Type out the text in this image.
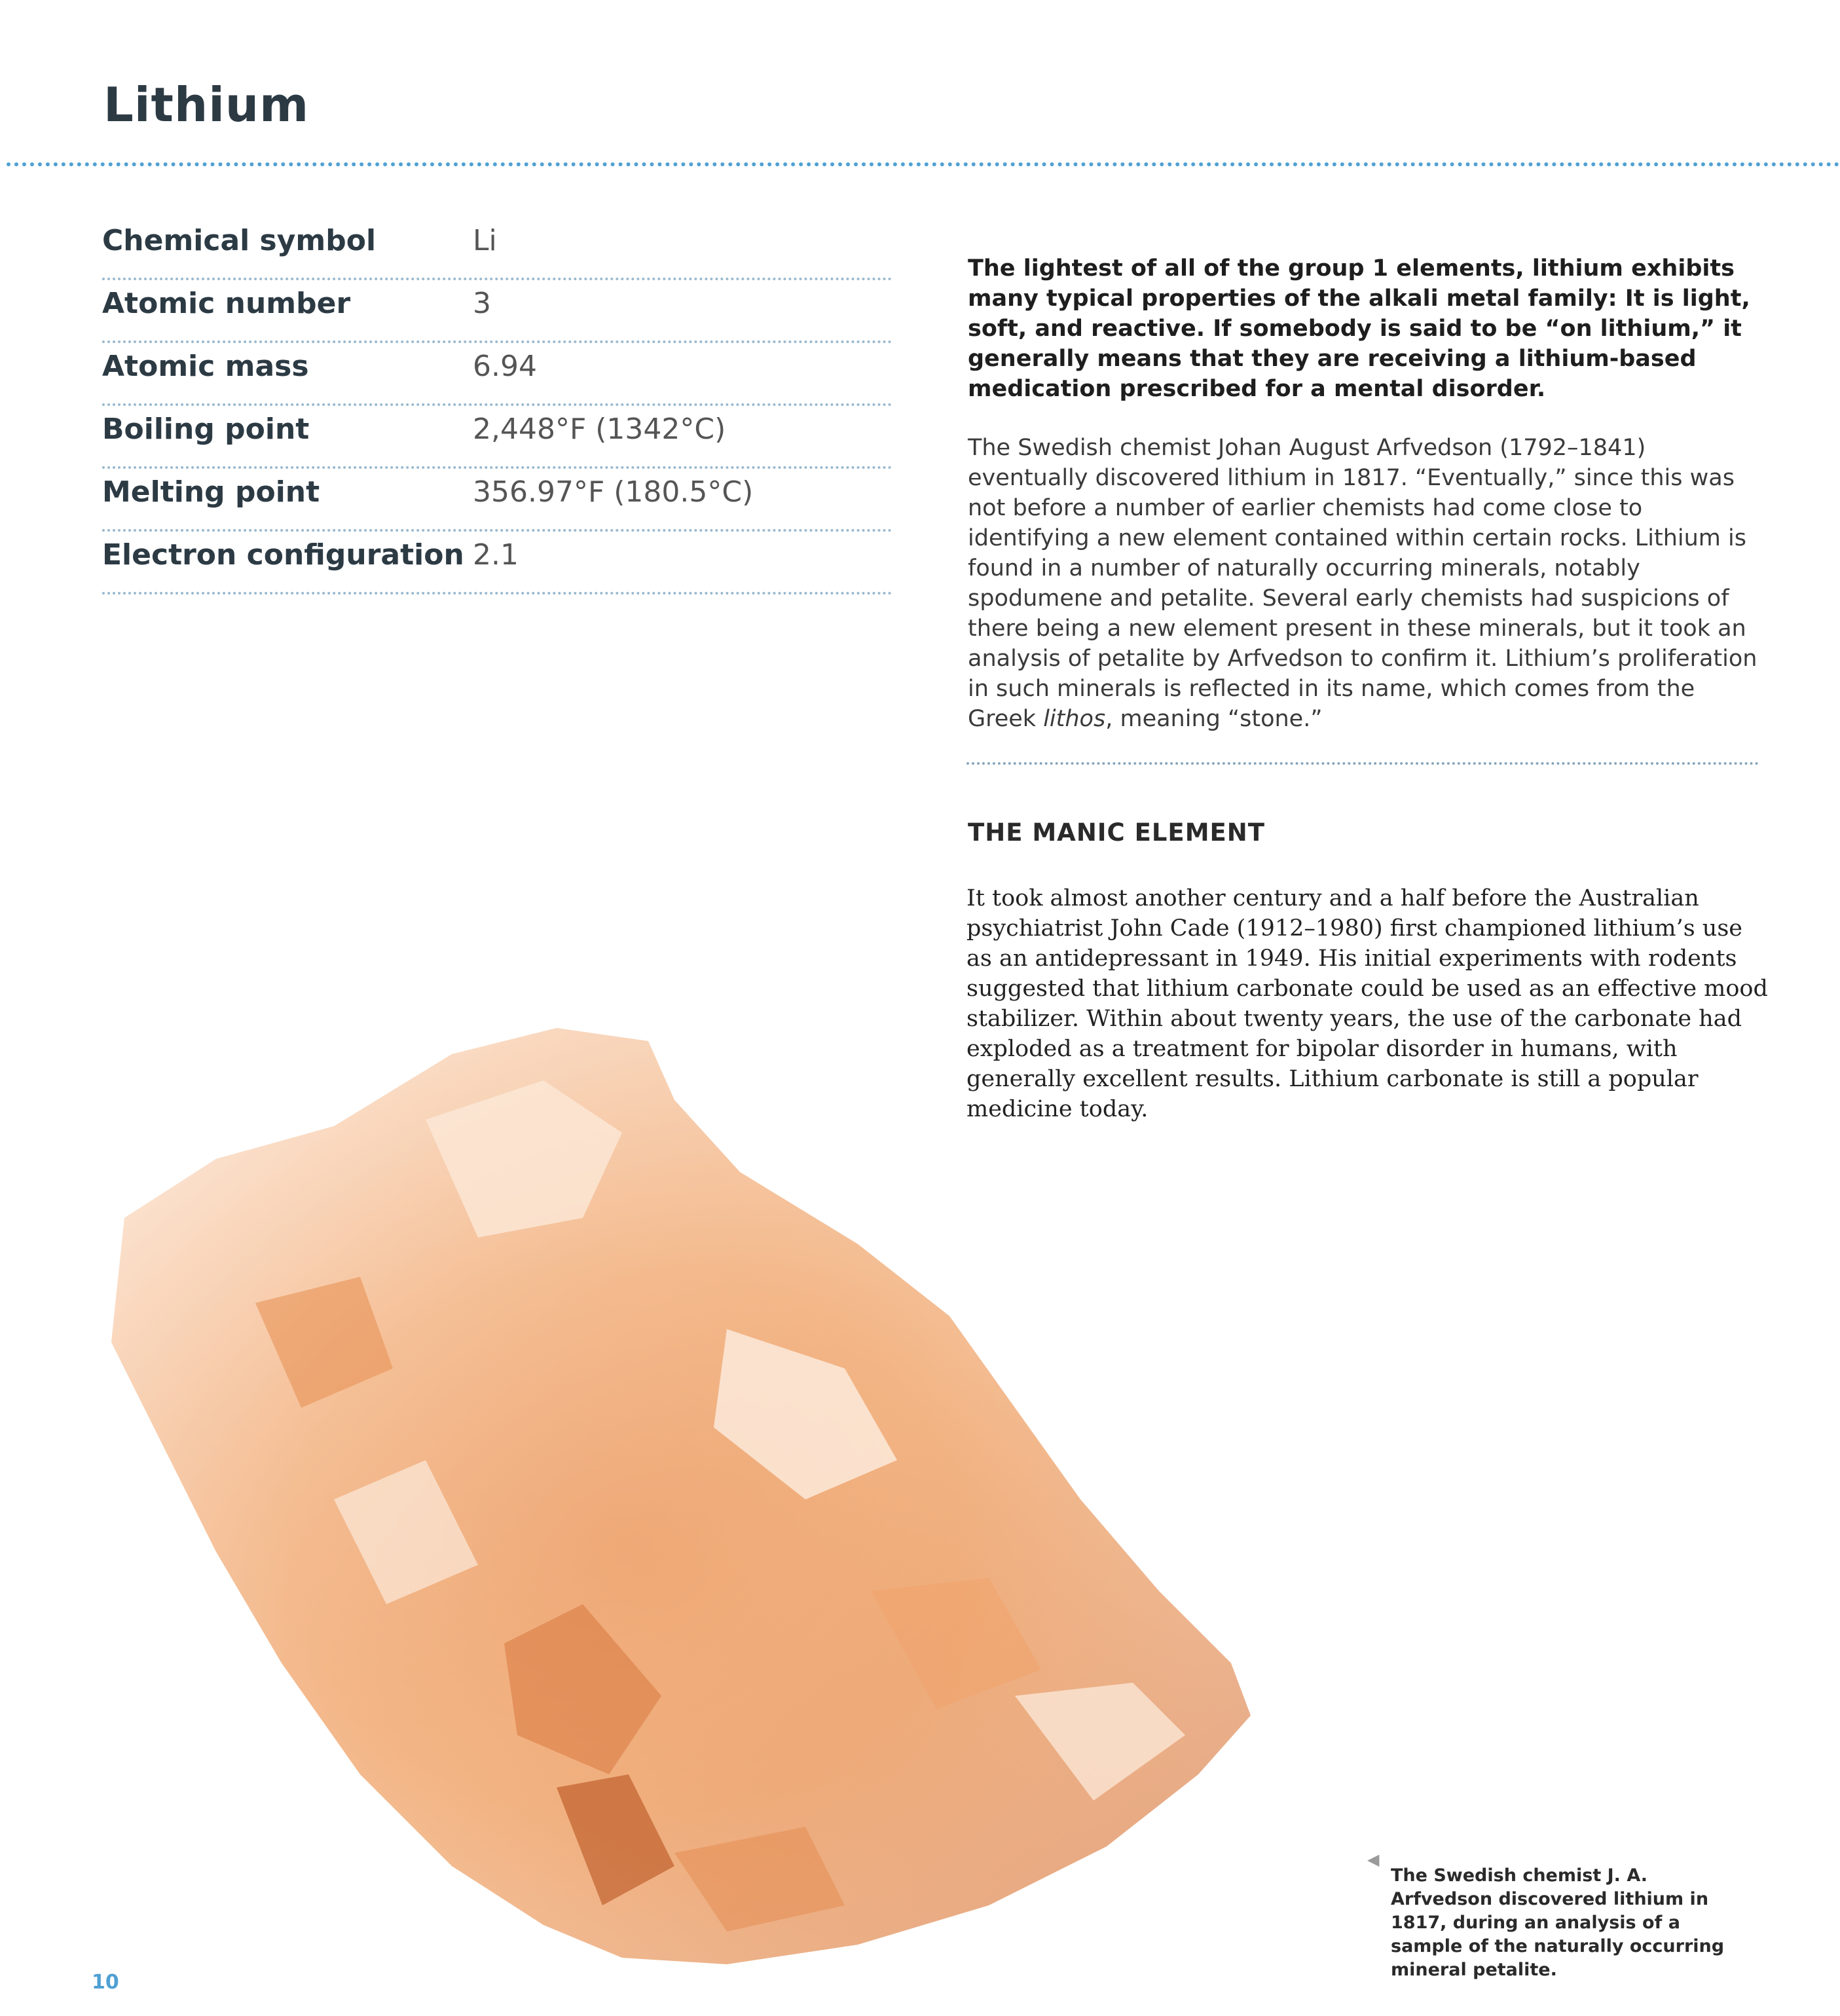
Lithium
Chemical symbol	Li
Atomic number	3
Atomic mass	6.94
Boiling point	2,448°F (1342°C)
Melting point	356.97°F (180.5°C)
Electron configuration 2.1

The lightest of all of the group 1 elements, lithium exhibits many typical properties of the alkali metal family: It is light, soft, and reactive. If somebody is said to be “on lithium,” it generally means that they are receiving a lithium-based medication prescribed for a mental disorder.

The Swedish chemist Johan August Arfvedson (1792–1841) eventually discovered lithium in 1817. “Eventually,” since this was not before a number of earlier chemists had come close to identifying a new element contained within certain rocks. Lithium is found in a number of naturally occurring minerals, notably spodumene and petalite. Several early chemists had suspicions of there being a new element present in these minerals, but it took an analysis of petalite by Arfvedson to confirm it. Lithium’s proliferation in such minerals is reflected in its name, which comes from the Greek lithos, meaning “stone.”

THE MANIC ELEMENT

It took almost another century and a half before the Australian psychiatrist John Cade (1912–1980) first championed lithium’s use as an antidepressant in 1949. His initial experiments with rodents suggested that lithium carbonate could be used as an effective mood stabilizer. Within about twenty years, the use of the carbonate had exploded as a treatment for bipolar disorder in humans, with generally excellent results. Lithium carbonate is still a popular medicine today.

◀

The Swedish chemist J. A. Arfvedson discovered lithium in 1817, during an analysis of a sample of the naturally occurring mineral petalite.

10
